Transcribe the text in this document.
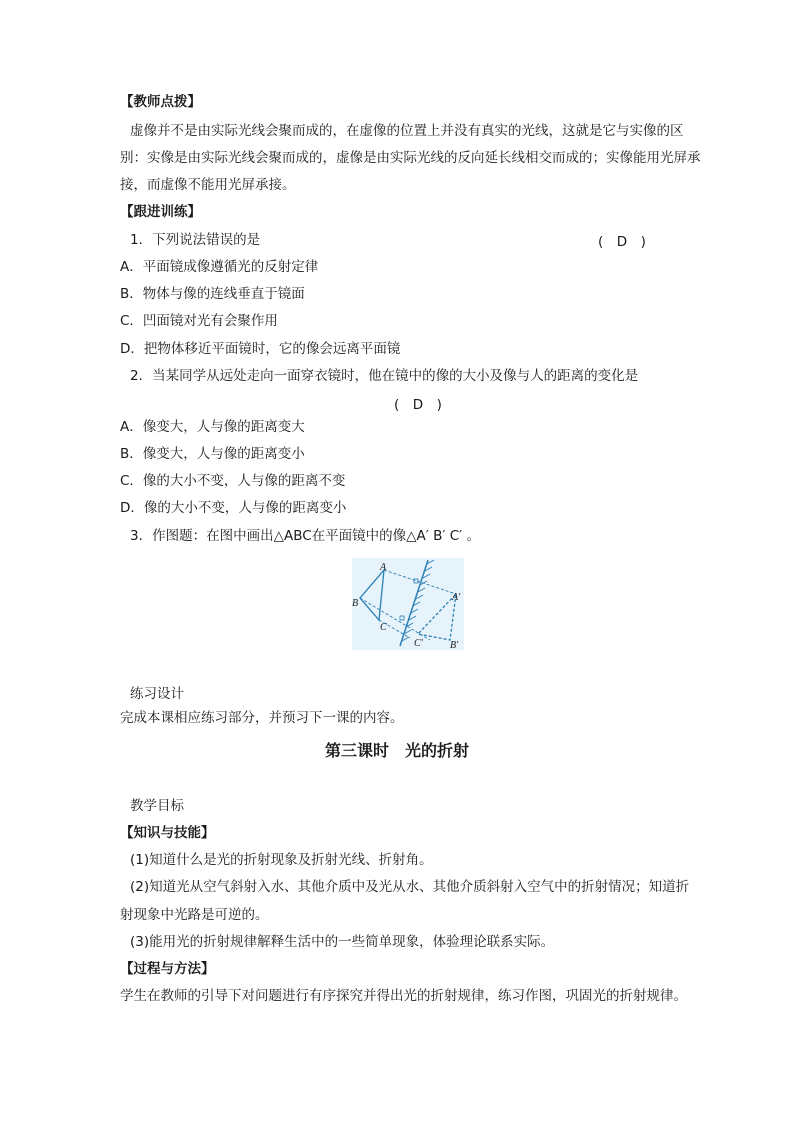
【教师点拨】
虚像并不是由实际光线会聚而成的，在虚像的位置上并没有真实的光线，这就是它与实像的区
别：实像是由实际光线会聚而成的，虚像是由实际光线的反向延长线相交而成的；实像能用光屏承
接，而虚像不能用光屏承接。
【跟进训练】
1．下列说法错误的是	(　D　)
A．平面镜成像遵循光的反射定律
B．物体与像的连线垂直于镜面
C．凹面镜对光有会聚作用
D．把物体移近平面镜时，它的像会远离平面镜
2．当某同学从远处走向一面穿衣镜时，他在镜中的像的大小及像与人的距离的变化是
(　D　)
A．像变大，人与像的距离变大
B．像变大，人与像的距离变小
C．像的大小不变，人与像的距离不变
D．像的大小不变，人与像的距离变小
3．作图题：在图中画出△ABC在平面镜中的像△A′ B′ C′ 。
A
B
C
A′
B′
C′
练习设计
完成本课相应练习部分，并预习下一课的内容。
第三课时　光的折射
教学目标
【知识与技能】
(1)知道什么是光的折射现象及折射光线、折射角。
(2)知道光从空气斜射入水、其他介质中及光从水、其他介质斜射入空气中的折射情况；知道折
射现象中光路是可逆的。
(3)能用光的折射规律解释生活中的一些简单现象，体验理论联系实际。
【过程与方法】
学生在教师的引导下对问题进行有序探究并得出光的折射规律，练习作图，巩固光的折射规律。
